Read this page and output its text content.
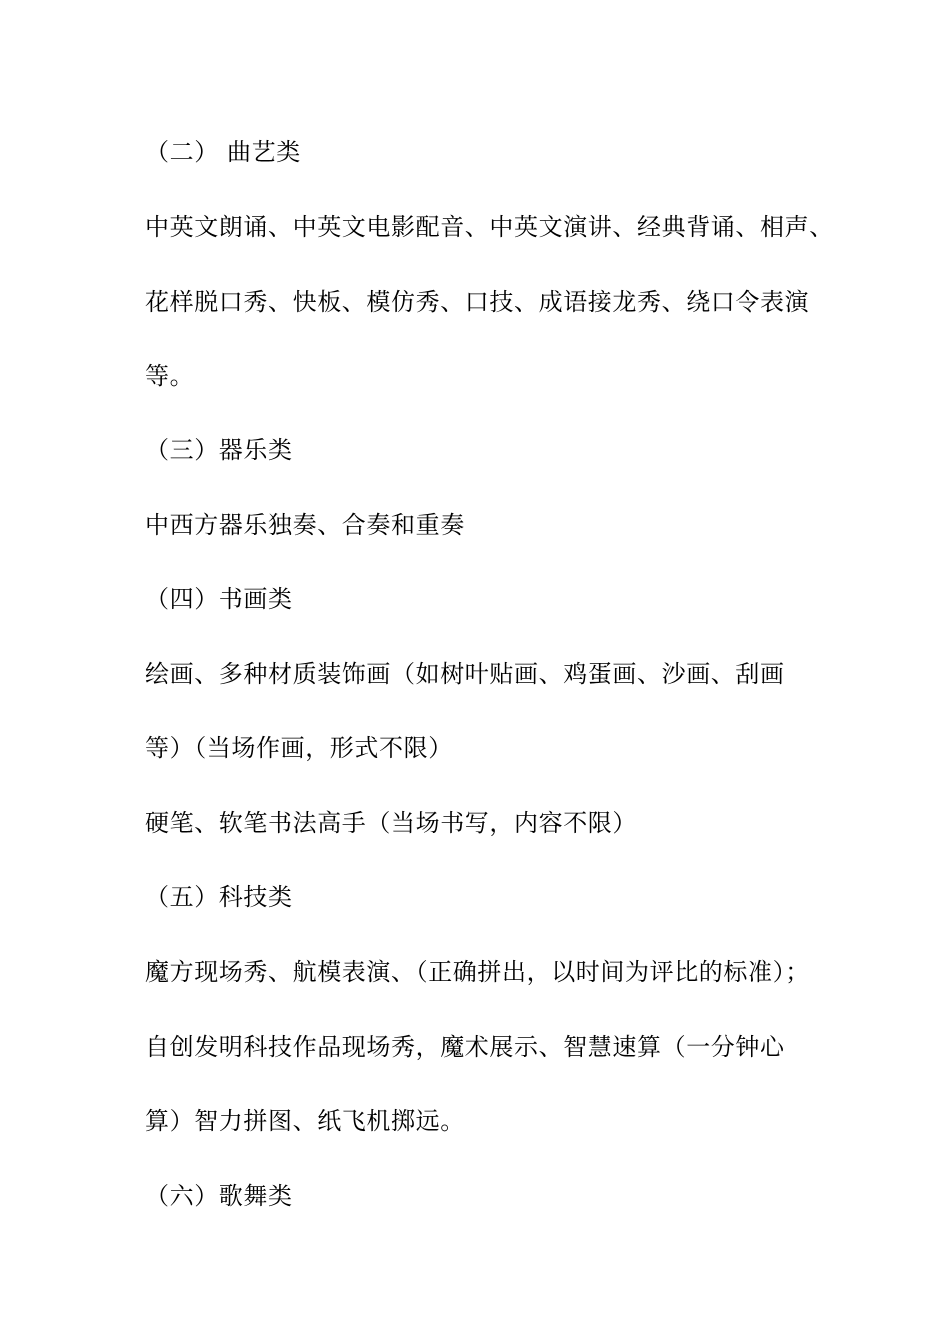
（二） 曲艺类
中英文朗诵、中英文电影配音、中英文演讲、经典背诵、相声、
花样脱口秀、快板、模仿秀、口技、成语接龙秀、绕口令表演
等。
（三）器乐类
中西方器乐独奏、合奏和重奏
（四）书画类
绘画、多种材质装饰画（如树叶贴画、鸡蛋画、沙画、刮画
等）（当场作画，形式不限）
硬笔、软笔书法高手（当场书写，内容不限）
（五）科技类
魔方现场秀、航模表演、（正确拼出，以时间为评比的标准）；
自创发明科技作品现场秀，魔术展示、智慧速算（一分钟心
算）智力拼图、纸飞机掷远。
（六）歌舞类
